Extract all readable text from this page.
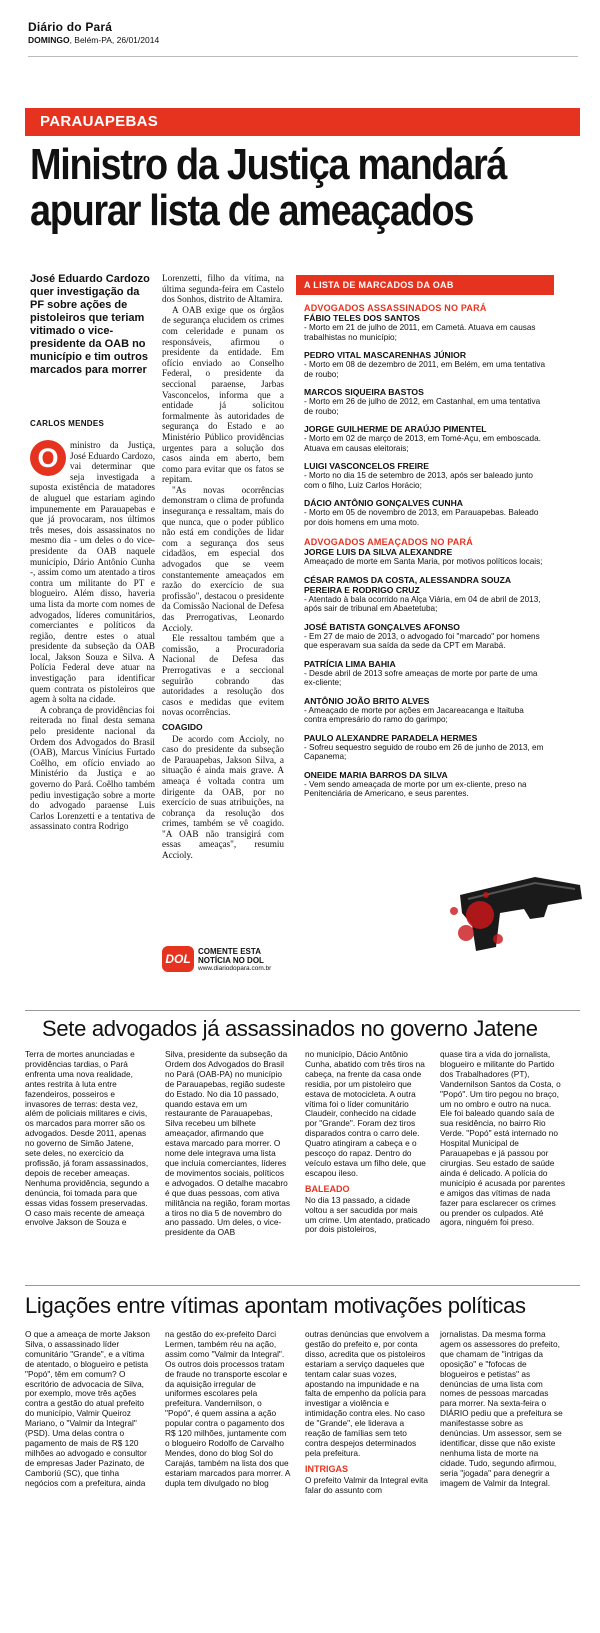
Diário do Pará
DOMINGO, Belém-PA, 26/01/2014
PARAUAPEBAS
Ministro da Justiça mandará
apurar lista de ameaçados
José Eduardo Cardozo quer investigação da PF sobre ações de pistoleiros que teriam vitimado o vice-presidente da OAB no município e tim outros marcados para morrer
CARLOS MENDES
O	ministro da Justiça, José Eduardo Cardozo, vai determinar que seja investigada a suposta existência de matadores de aluguel que estariam agindo impunemente em Parauapebas e que já provocaram, nos últimos três meses, dois assassinatos no mesmo dia - um deles o do vice-presidente da OAB naquele município, Dário Antônio Cunha -, assim como um atentado a tiros contra um militante do PT e blogueiro. Além disso, haveria uma lista da morte com nomes de advogados, líderes comunitários, comerciantes e políticos da região, dentre estes o atual presidente da subseção da OAB local, Jakson Souza e Silva. A Polícia Federal deve atuar na investigação para identificar quem contrata os pistoleiros que agem à solta na cidade.

A cobrança de providências foi reiterada no final desta semana pelo presidente nacional da Ordem dos Advogados do Brasil (OAB), Marcus Vinícius Furtado Coêlho, em ofício enviado ao Ministério da Justiça e ao governo do Pará. Coêlho também pediu investigação sobre a morte do advogado paraense Luis Carlos Lorenzetti e a tentativa de assassinato contra Rodrigo

Lorenzetti, filho da vítima, na última segunda-feira em Castelo dos Sonhos, distrito de Altamira.

A OAB exige que os órgãos de segurança elucidem os crimes com celeridade e punam os responsáveis, afirmou o presidente da entidade. Em ofício enviado ao Conselho Federal, o presidente da seccional paraense, Jarbas Vasconcelos, informa que a entidade já solicitou formalmente às autoridades de segurança do Estado e ao Ministério Público providências urgentes para a solução dos casos ainda em aberto, bem como para evitar que os fatos se repitam.

"As novas ocorrências demonstram o clima de profunda insegurança e ressaltam, mais do que nunca, que o poder público não está em condições de lidar com a segurança dos seus cidadãos, em especial dos advogados que se veem constantemente ameaçados em razão do exercício de sua profissão", destacou o presidente da Comissão Nacional de Defesa das Prerrogativas, Leonardo Accioly.

Ele ressaltou também que a comissão, a Procuradoria Nacional de Defesa das Prerrogativas e a seccional seguirão cobrando das autoridades a resolução dos casos e medidas que evitem novas ocorrências.

COAGIDO

De acordo com Accioly, no caso do presidente da subseção de Parauapebas, Jakson Silva, a situação é ainda mais grave. A ameaça é voltada contra um dirigente da OAB, por no exercício de suas atribuições, na cobrança da resolução dos crimes, também se vê coagido. "A OAB não transigirá com essas ameaças", resumiu Accioly.

DOL
COMENTE ESTA NOTÍCIA NO DOL
www.diariodopara.com.br
A LISTA DE MARCADOS DA OAB
ADVOGADOS ASSASSINADOS NO PARÁ
FÁBIO TELES DOS SANTOS
- Morto em 21 de julho de 2011, em Cametá. Atuava em causas trabalhistas no município;
PEDRO VITAL MASCARENHAS JÚNIOR
- Morto em 08 de dezembro de 2011, em Belém, em uma tentativa de roubo;
MARCOS SIQUEIRA BASTOS
- Morto em 26 de julho de 2012, em Castanhal, em uma tentativa de roubo;
JORGE GUILHERME DE ARAÚJO PIMENTEL
- Morto em 02 de março de 2013, em Tomé-Açu, em emboscada. Atuava em causas eleitorais;
LUIGI VASCONCELOS FREIRE
- Morto no dia 15 de setembro de 2013, após ser baleado junto com o filho, Luiz Carlos Horácio;
DÁCIO ANTÔNIO GONÇALVES CUNHA
- Morto em 05 de novembro de 2013, em Parauapebas. Baleado por dois homens em uma moto.
ADVOGADOS AMEAÇADOS NO PARÁ
JORGE LUIS DA SILVA ALEXANDRE
Ameaçado de morte em Santa Maria, por motivos políticos locais;
CÉSAR RAMOS DA COSTA, ALESSANDRA SOUZA PEREIRA E RODRIGO CRUZ
- Atentado à bala ocorrido na Alça Viária, em 04 de abril de 2013, após sair de tribunal em Abaetetuba;
JOSÉ BATISTA GONÇALVES AFONSO
- Em 27 de maio de 2013, o advogado foi "marcado" por homens que esperavam sua saída da sede da CPT em Marabá.
PATRÍCIA LIMA BAHIA
- Desde abril de 2013 sofre ameaças de morte por parte de uma ex-cliente;
ANTÔNIO JOÃO BRITO ALVES
- Ameaçado de morte por ações em Jacareacanga e Itaituba contra empresário do ramo do garimpo;
PAULO ALEXANDRE PARADELA HERMES
- Sofreu sequestro seguido de roubo em 26 de junho de 2013, em Capanema;
ONEIDE MARIA BARROS DA SILVA
- Vem sendo ameaçada de morte por um ex-cliente, preso na Penitenciária de Americano, e seus parentes.
Sete advogados já assassinados no governo Jatene

Terra de mortes anunciadas e providências tardias, o Pará enfrenta uma nova realidade, antes restrita à luta entre fazendeiros, posseiros e invasores de terras: desta vez, além de policiais militares e civis, os marcados para morrer são os advogados. Desde 2011, apenas no governo de Simão Jatene, sete deles, no exercício da profissão, já foram assassinados, depois de receber ameaças. Nenhuma providência, segundo a denúncia, foi tomada para que essas vidas fossem preservadas. O caso mais recente de ameaça envolve Jakson de Souza e

Silva, presidente da subseção da Ordem dos Advogados do Brasil no Pará (OAB-PA) no município de Parauapebas, região sudeste do Estado. No dia 10 passado, quando estava em um restaurante de Parauapebas, Silva recebeu um bilhete ameaçador, afirmando que estava marcado para morrer. O nome dele integrava uma lista que incluía comerciantes, líderes de movimentos sociais, políticos e advogados. O detalhe macabro é que duas pessoas, com ativa militância na região, foram mortas a tiros no dia 5 de novembro do ano passado. Um deles, o vice-presidente da OAB

no município, Dácio Antônio Cunha, abatido com três tiros na cabeça, na frente da casa onde residia, por um pistoleiro que estava de motocicleta. A outra vítima foi o líder comunitário Claudeir, conhecido na cidade por "Grande". Foram dez tiros disparados contra o carro dele. Quatro atingiram a cabeça e o pescoço do rapaz. Dentro do veículo estava um filho dele, que escapou ileso.

BALEADO

No dia 13 passado, a cidade voltou a ser sacudida por mais um crime. Um atentado, praticado por dois pistoleiros,

quase tira a vida do jornalista, blogueiro e militante do Partido dos Trabalhadores (PT), Vandernilson Santos da Costa, o "Popó". Um tiro pegou no braço, um no ombro e outro na nuca. Ele foi baleado quando saía de sua residência, no bairro Rio Verde. "Popó" está internado no Hospital Municipal de Parauapebas e já passou por cirurgias. Seu estado de saúde ainda é delicado. A polícia do município é acusada por parentes e amigos das vítimas de nada fazer para esclarecer os crimes ou prender os culpados. Até agora, ninguém foi preso.

Ligações entre vítimas apontam motivações políticas

O que a ameaça de morte Jakson Silva, o assassinado líder comunitário "Grande", e a vítima de atentado, o blogueiro e petista "Popó", têm em comum? O escritório de advocacia de Silva, por exemplo, move três ações contra a gestão do atual prefeito do município, Valmir Queiroz Mariano, o "Valmir da Integral" (PSD). Uma delas contra o pagamento de mais de R$ 120 milhões ao advogado e consultor de empresas Jader Pazinato, de Camboriú (SC), que tinha negócios com a prefeitura, ainda

na gestão do ex-prefeito Darci Lermen, também réu na ação, assim como "Valmir da Integral". Os outros dois processos tratam de fraude no transporte escolar e da aquisição irregular de uniformes escolares pela prefeitura. Vandernilson, o "Popó", é quem assina a ação popular contra o pagamento dos R$ 120 milhões, juntamente com o blogueiro Rodolfo de Carvalho Mendes, dono do blog Sol do Carajás, também na lista dos que estariam marcados para morrer. A dupla tem divulgado no blog

outras denúncias que envolvem a gestão do prefeito e, por conta disso, acredita que os pistoleiros estariam a serviço daqueles que tentam calar suas vozes, apostando na impunidade e na falta de empenho da polícia para investigar a violência e intimidação contra eles. No caso de "Grande", ele liderava a reação de famílias sem teto contra despejos determinados pela prefeitura.

INTRIGAS

O prefeito Valmir da Integral evita falar do assunto com

jornalistas. Da mesma forma agem os assessores do prefeito, que chamam de "intrigas da oposição" e "fofocas de blogueiros e petistas" as denúncias de uma lista com nomes de pessoas marcadas para morrer. Na sexta-feira o DIÁRIO pediu que a prefeitura se manifestasse sobre as denúncias. Um assessor, sem se identificar, disse que não existe nenhuma lista de morte na cidade. Tudo, segundo afirmou, seria "jogada" para denegrir a imagem de Valmir da Integral.
